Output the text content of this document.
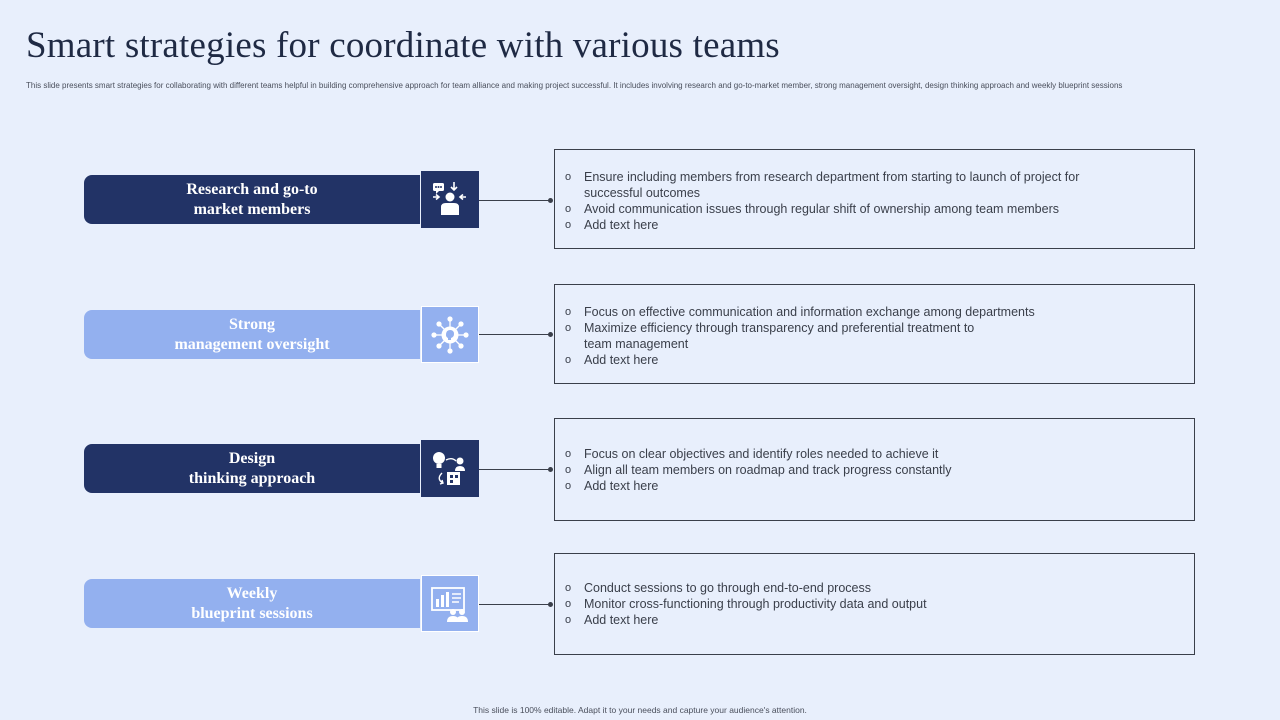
Smart strategies for coordinate with various teams
This slide presents smart strategies for collaborating with different teams helpful in building comprehensive approach for team alliance and making project successful. It includes involving research and go-to-market member, strong management oversight, design thinking approach and weekly blueprint sessions
Research and go-to
market members
o Ensure including members from research department from starting to launch of project for successful outcomes
o Avoid communication issues through regular shift of ownership among team members
o Add text here
Strong
management oversight
o Focus on effective communication and information exchange among departments
o Maximize efficiency through transparency and preferential treatment to team management
o Add text here
Design
thinking approach
o Focus on clear objectives and identify roles needed to achieve it
o Align all team members on roadmap and track progress constantly
o Add text here
Weekly
blueprint sessions
o Conduct sessions to go through end-to-end process
o Monitor cross-functioning through productivity data and output
o Add text here
This slide is 100% editable. Adapt it to your needs and capture your audience's attention.
